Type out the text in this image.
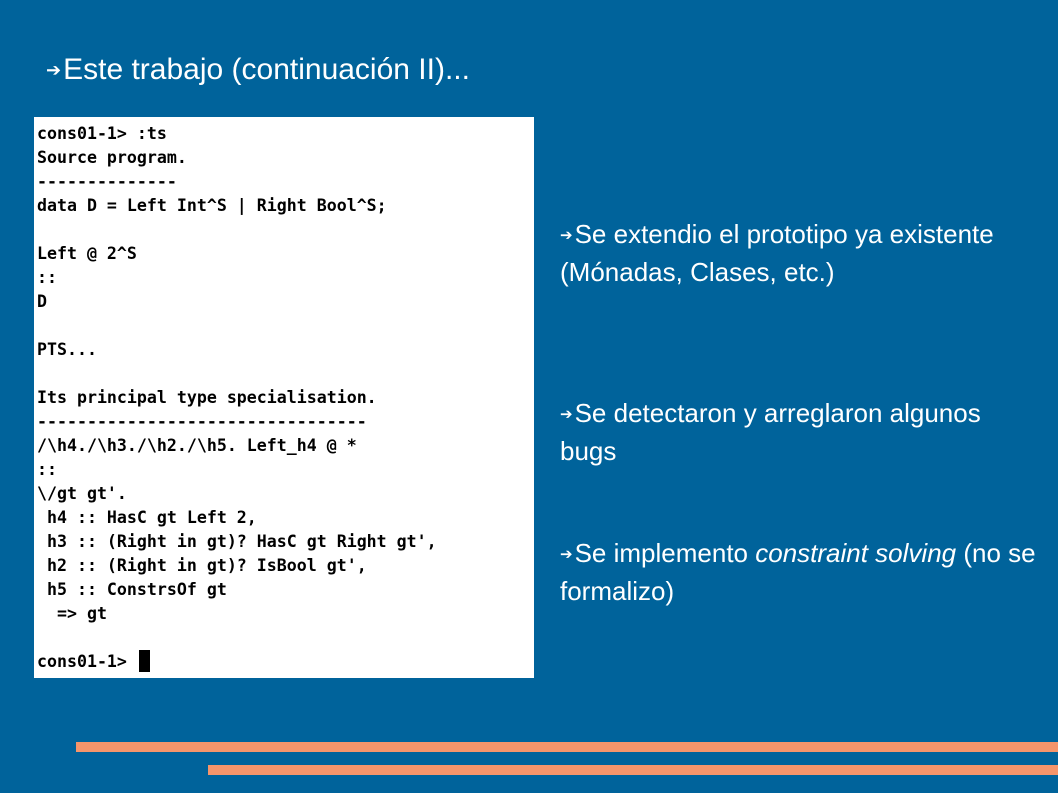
➔Este trabajo (continuación II)...
cons01-1> :ts
Source program.
--------------
data D = Left Int^S | Right Bool^S;
Left @ 2^S
::
D
PTS...
Its principal type specialisation.
---------------------------------
/\h4./\h3./\h2./\h5. Left_h4 @ *
::
\/gt gt'.
h4 :: HasC gt Left 2,
h3 :: (Right in gt)? HasC gt Right gt',
h2 :: (Right in gt)? IsBool gt',
h5 :: ConstrsOf gt
=> gt
cons01-1>
➔Se extendio el prototipo ya existente (Mónadas, Clases, etc.)
➔Se detectaron y arreglaron algunos bugs
➔Se implemento constraint solving (no se formalizo)
